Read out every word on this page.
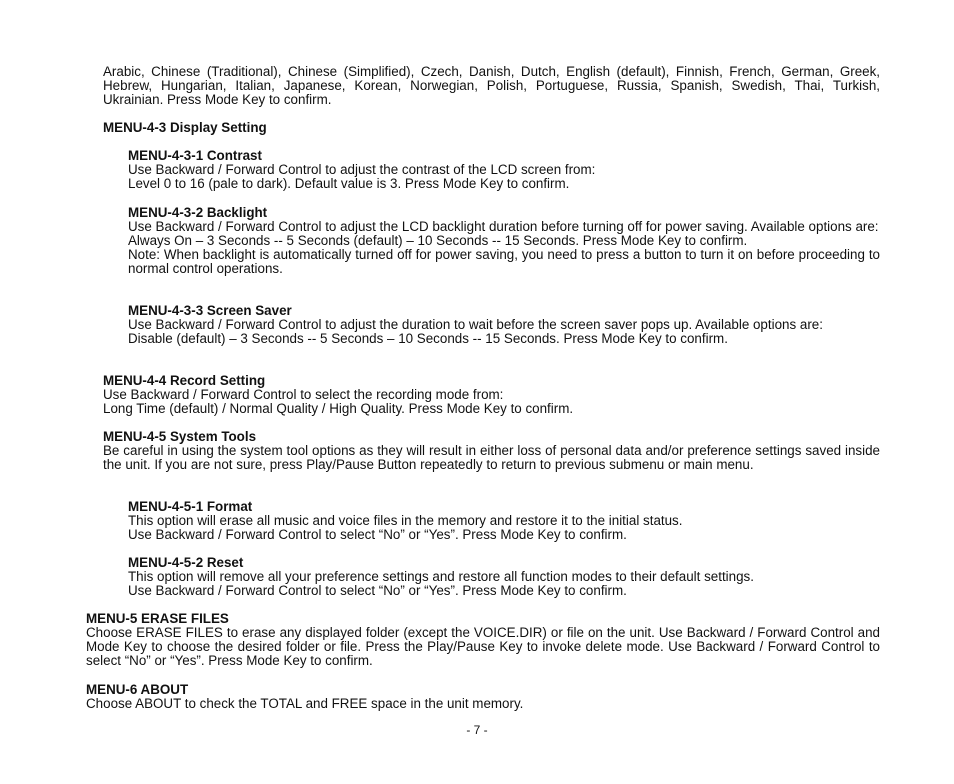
Arabic, Chinese (Traditional), Chinese (Simplified), Czech, Danish, Dutch, English (default), Finnish, French, German, Greek, Hebrew, Hungarian, Italian, Japanese, Korean, Norwegian, Polish, Portuguese, Russia, Spanish, Swedish, Thai, Turkish, Ukrainian. Press Mode Key to confirm.

MENU-4-3 Display Setting

MENU-4-3-1 Contrast

Use Backward / Forward Control to adjust the contrast of the LCD screen from:

Level 0 to 16 (pale to dark). Default value is 3. Press Mode Key to confirm.

MENU-4-3-2 Backlight

Use Backward / Forward Control to adjust the LCD backlight duration before turning off for power saving. Available options are:

Always On – 3 Seconds -- 5 Seconds (default) – 10 Seconds -- 15 Seconds. Press Mode Key to confirm.

Note: When backlight is automatically turned off for power saving, you need to press a button to turn it on before proceeding to normal control operations.

MENU-4-3-3 Screen Saver

Use Backward / Forward Control to adjust the duration to wait before the screen saver pops up. Available options are:

Disable (default) – 3 Seconds -- 5 Seconds – 10 Seconds -- 15 Seconds. Press Mode Key to confirm.

MENU-4-4 Record Setting

Use Backward / Forward Control to select the recording mode from:

Long Time (default) / Normal Quality / High Quality. Press Mode Key to confirm.

MENU-4-5 System Tools

Be careful in using the system tool options as they will result in either loss of personal data and/or preference settings saved inside the unit. If you are not sure, press Play/Pause Button repeatedly to return to previous submenu or main menu.

MENU-4-5-1 Format

This option will erase all music and voice files in the memory and restore it to the initial status.

Use Backward / Forward Control to select “No” or “Yes”. Press Mode Key to confirm.

MENU-4-5-2 Reset

This option will remove all your preference settings and restore all function modes to their default settings.

Use Backward / Forward Control to select “No” or “Yes”. Press Mode Key to confirm.

MENU-5 ERASE FILES

Choose ERASE FILES to erase any displayed folder (except the VOICE.DIR) or file on the unit. Use Backward / Forward Control and Mode Key to choose the desired folder or file. Press the Play/Pause Key to invoke delete mode. Use Backward / Forward Control to select “No” or “Yes”. Press Mode Key to confirm.

MENU-6 ABOUT

Choose ABOUT to check the TOTAL and FREE space in the unit memory.

- 7 -
